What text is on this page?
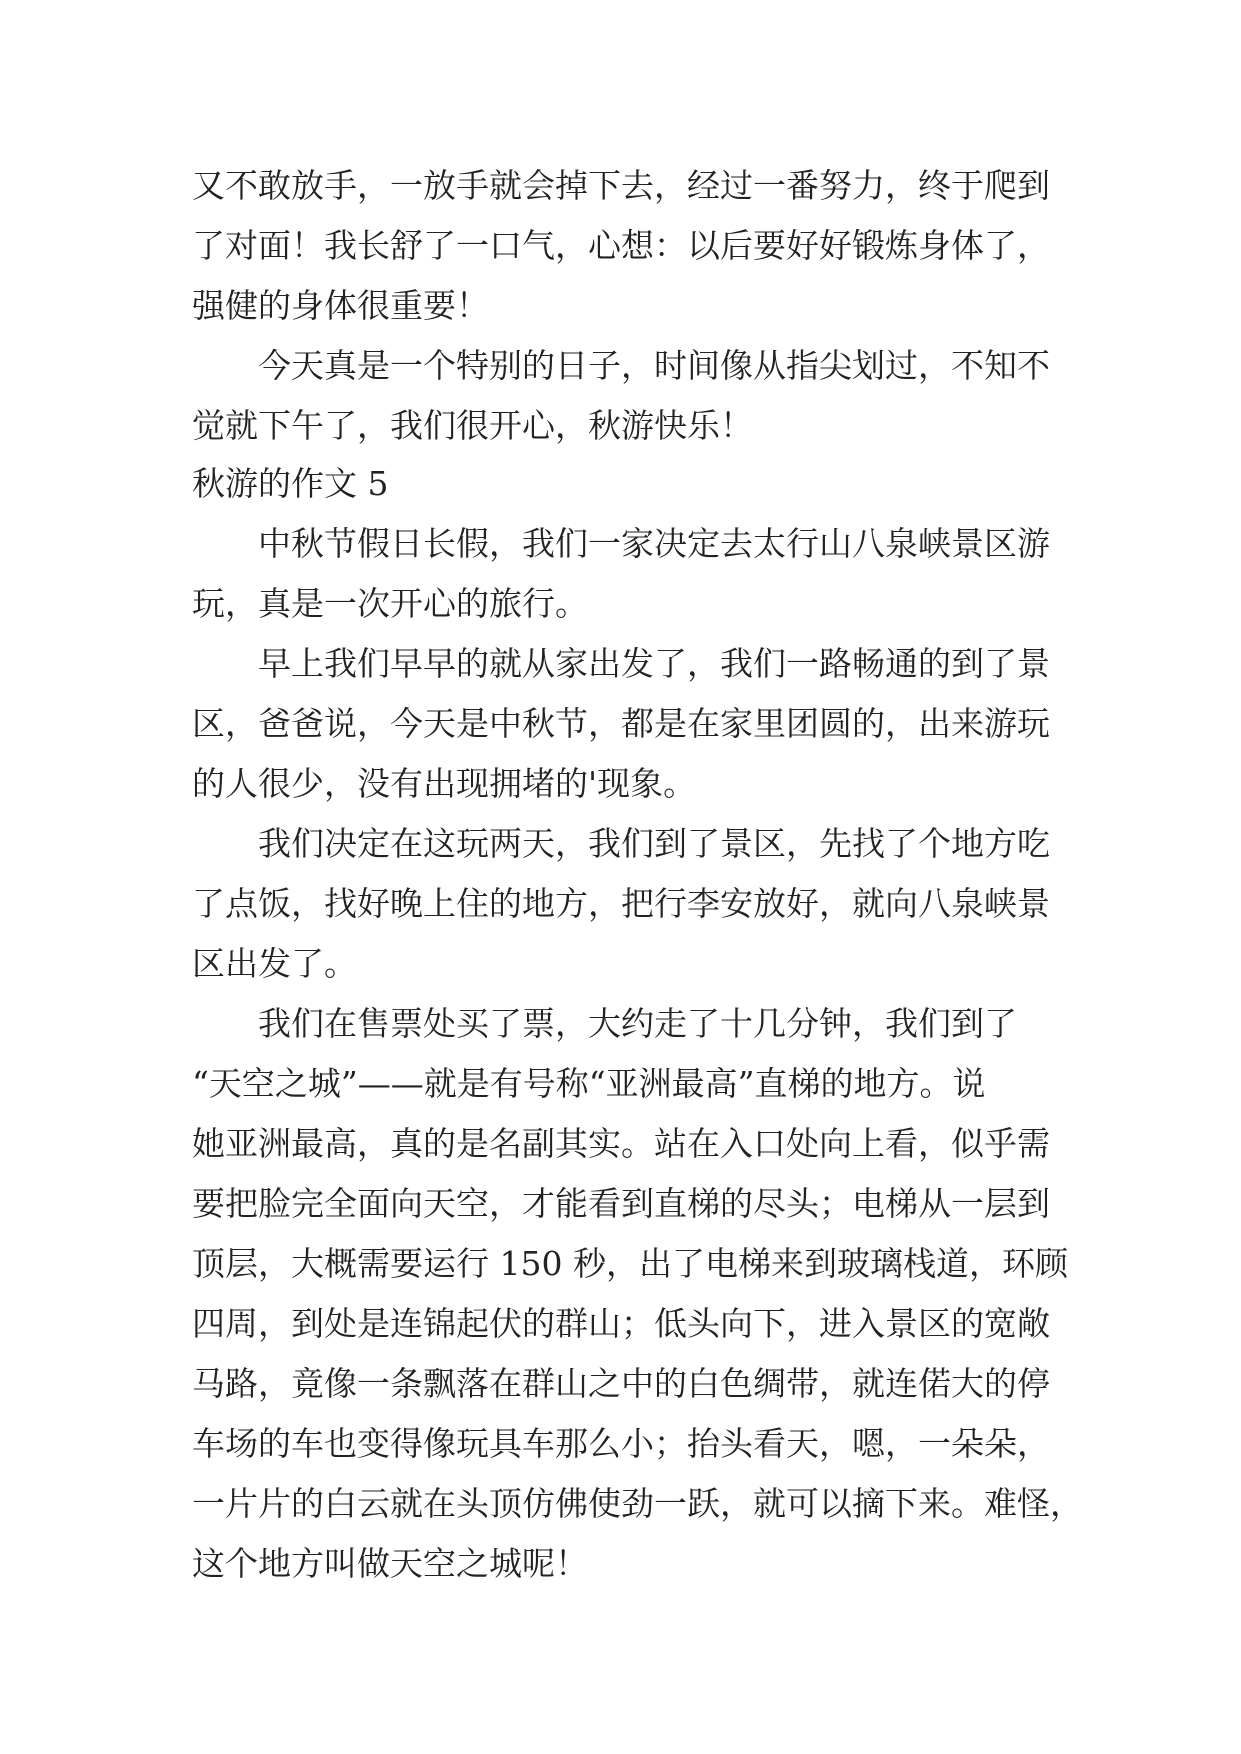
又不敢放手，一放手就会掉下去，经过一番努力，终于爬到
了对面！我长舒了一口气，心想：以后要好好锻炼身体了，
强健的身体很重要！
今天真是一个特别的日子，时间像从指尖划过，不知不
觉就下午了，我们很开心，秋游快乐！
秋游的作文 5
中秋节假日长假，我们一家决定去太行山八泉峡景区游
玩，真是一次开心的旅行。
早上我们早早的就从家出发了，我们一路畅通的到了景
区，爸爸说，今天是中秋节，都是在家里团圆的，出来游玩
的人很少，没有出现拥堵的'现象。
我们决定在这玩两天，我们到了景区，先找了个地方吃
了点饭，找好晚上住的地方，把行李安放好，就向八泉峡景
区出发了。
我们在售票处买了票，大约走了十几分钟，我们到了
“天空之城”——就是有号称“亚洲最高”直梯的地方。说
她亚洲最高，真的是名副其实。站在入口处向上看，似乎需
要把脸完全面向天空，才能看到直梯的尽头；电梯从一层到
顶层，大概需要运行 150 秒，出了电梯来到玻璃栈道，环顾
四周，到处是连锦起伏的群山；低头向下，进入景区的宽敞
马路，竟像一条飘落在群山之中的白色绸带，就连偌大的停
车场的车也变得像玩具车那么小；抬头看天，嗯，一朵朵，
一片片的白云就在头顶仿佛使劲一跃，就可以摘下来。难怪，
这个地方叫做天空之城呢！
